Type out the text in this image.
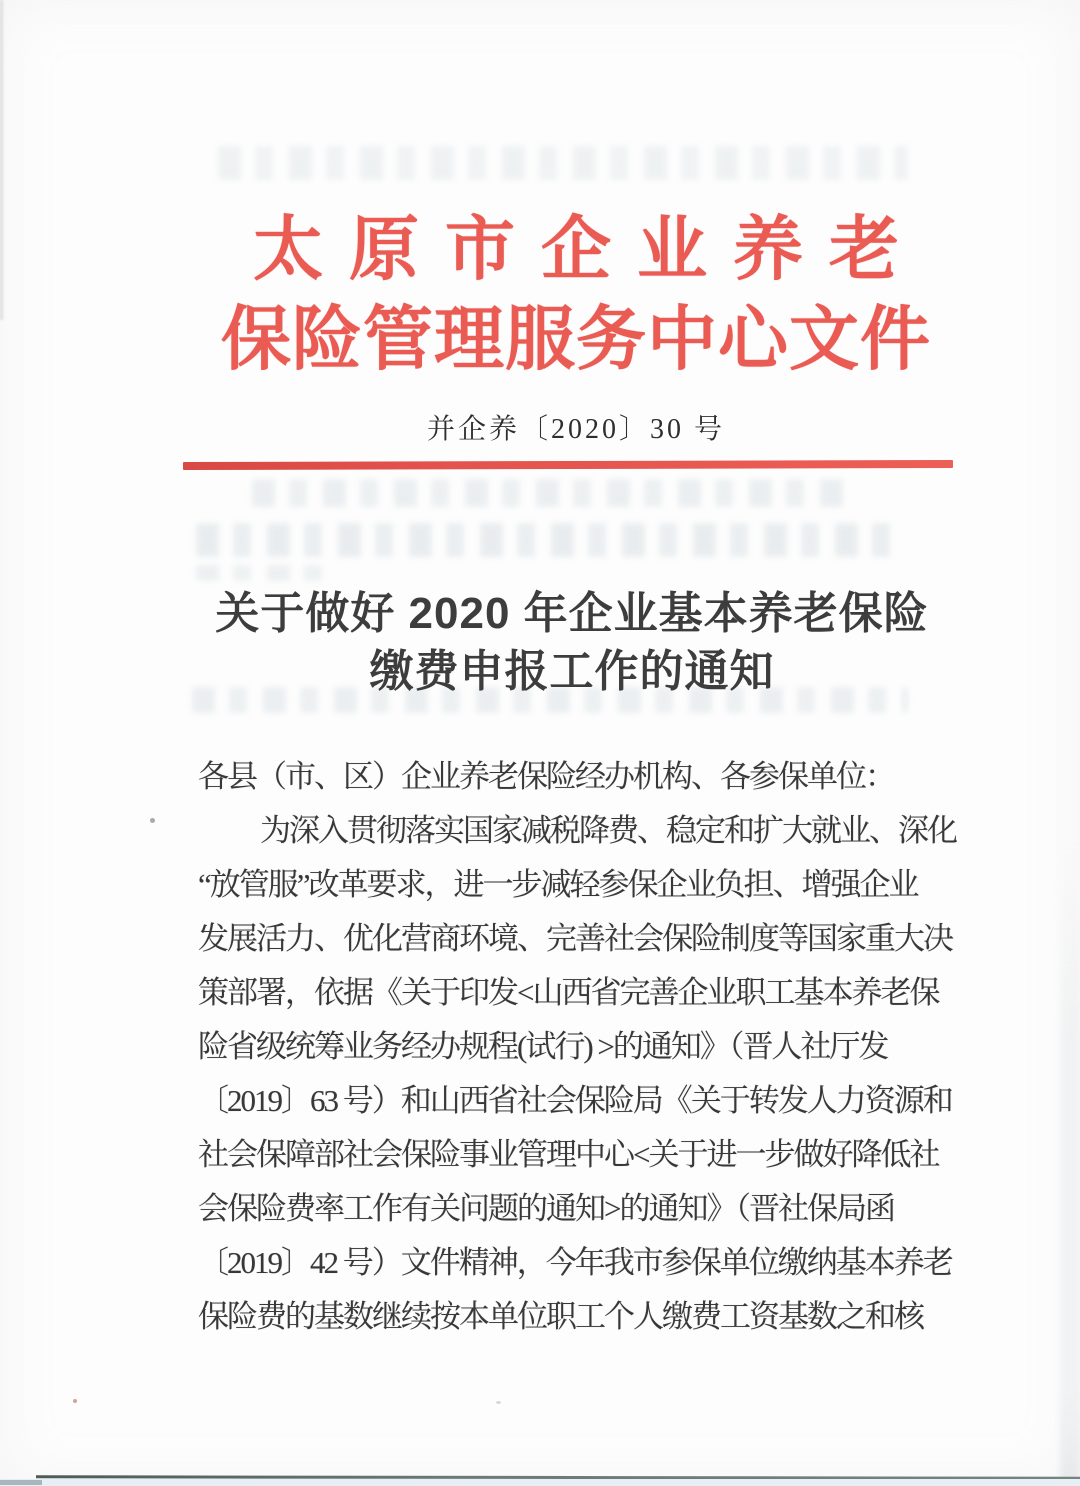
太原市企业养老
保险管理服务中心文件
并企养〔2020〕30 号
关于做好 2020 年企业基本养老保险
缴费申报工作的通知
各县（市、区）企业养老保险经办机构、各参保单位：
为深入贯彻落实国家减税降费、稳定和扩大就业、深化
“放管服”改革要求，进一步减轻参保企业负担、增强企业
发展活力、优化营商环境、完善社会保险制度等国家重大决
策部署，依据《关于印发<山西省完善企业职工基本养老保
险省级统筹业务经办规程(试行) >的通知》（晋人社厅发
〔2019〕63 号）和山西省社会保险局《关于转发人力资源和
社会保障部社会保险事业管理中心<关于进一步做好降低社
会保险费率工作有关问题的通知>的通知》（晋社保局函
〔2019〕42 号）文件精神，今年我市参保单位缴纳基本养老
保险费的基数继续按本单位职工个人缴费工资基数之和核
